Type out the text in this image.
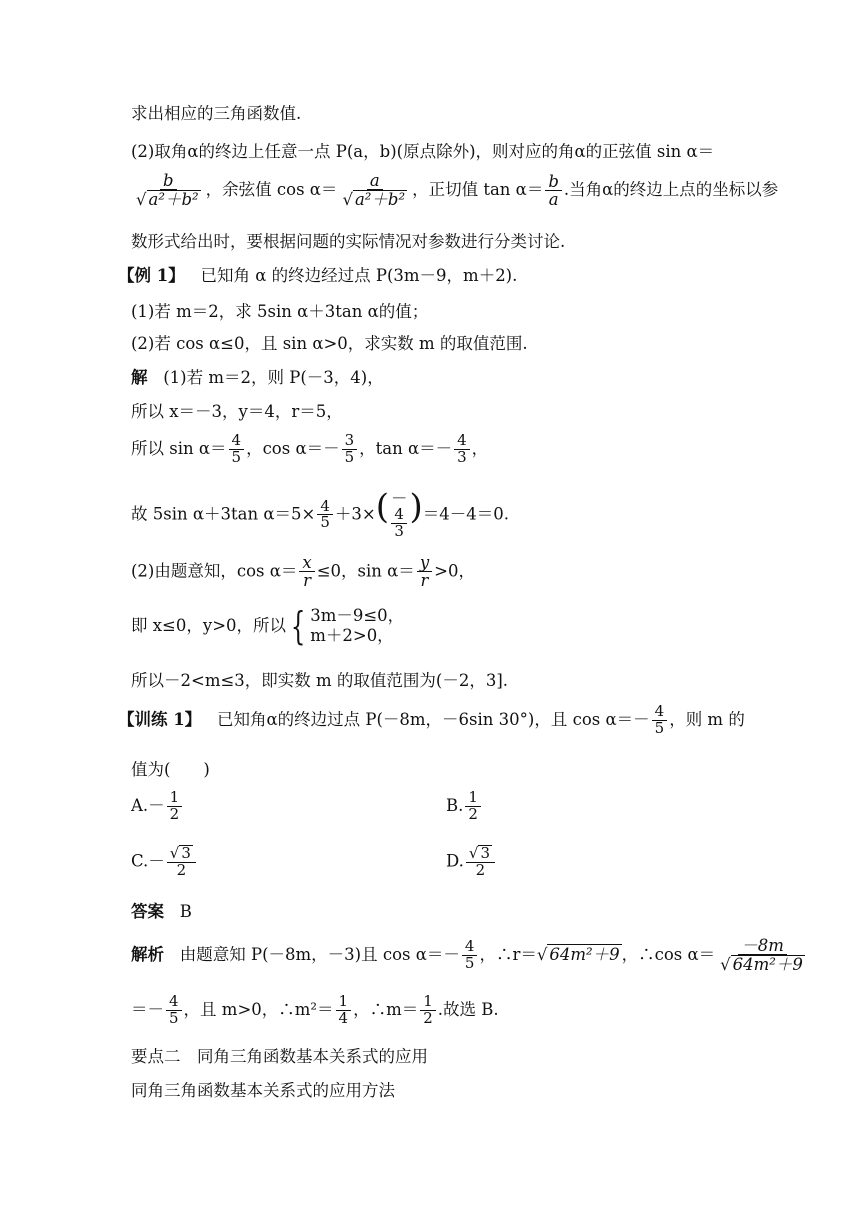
求出相应的三角函数值.
(2)取角α的终边上任意一点 P(a，b)(原点除外)，则对应的角α的正弦值 sin α＝
b
√ a²＋b² ，余弦值 cos α＝ a
√ a²＋b² ，正切值 $\tan \alpha= \frac{b}{a}$ .当角α的终边上点的坐标以参
数形式给出时，要根据问题的实际情况对参数进行分类讨论.
【例 1】 已知角 α 的终边经过点 P(3m－9，m＋2).
(1)若 m＝2，求 5sin α＋3tan α的值；
(2)若 cos α≤0，且 sin α>0，求实数 m 的取值范围.
解 (1)若 m＝2，则 P(－3，4)，
所以 x＝－3，y＝4，r＝5，
所以 $\sin \alpha= \frac{4}{5}$ ，$\cos \alpha=- \frac{3}{5}$ ，$\tan \alpha=- \frac{4}{3}$ ，
故 5sin α＋3tan $\alpha=5\times \frac{4}{5} +3\times$ ( －
4
3
) ＝4－4＝0.
(2)由题意知，$\cos \alpha= \frac{x}{r} \le 0$，$\sin \alpha= \frac{y}{r} >0$，
即 x≤0，y>0，所以 { 3m－9≤0，
m＋2>0，
所以－2<m≤3，即实数 m 的取值范围为(－2，3].
【训练 1】 已知角α的终边过点 P(－8m，－6sin 30°)，且 $\cos \alpha=- \frac{4}{5}$ ，则 m 的
值为(　　)
$A.- \frac{1}{2}$	B. $\frac{1}{2}$
C.－ √ $\frac{3}{2}$	D. √ $\frac{3}{2}$
答案 B
解析 由题意知 P(－8m，－3)且 $\cos \alpha=- \frac{4}{5}$ ，∴r＝ √ 64m²＋9 ，∴cos α＝ －8m
√ 64m²＋9
＝－ $\frac{4}{5}$ ，且 m>0，∴m²＝ $\frac{1}{4}$ ，∴m＝ $\frac{1}{2}$ .故选 B.
要点二　同角三角函数基本关系式的应用
同角三角函数基本关系式的应用方法
